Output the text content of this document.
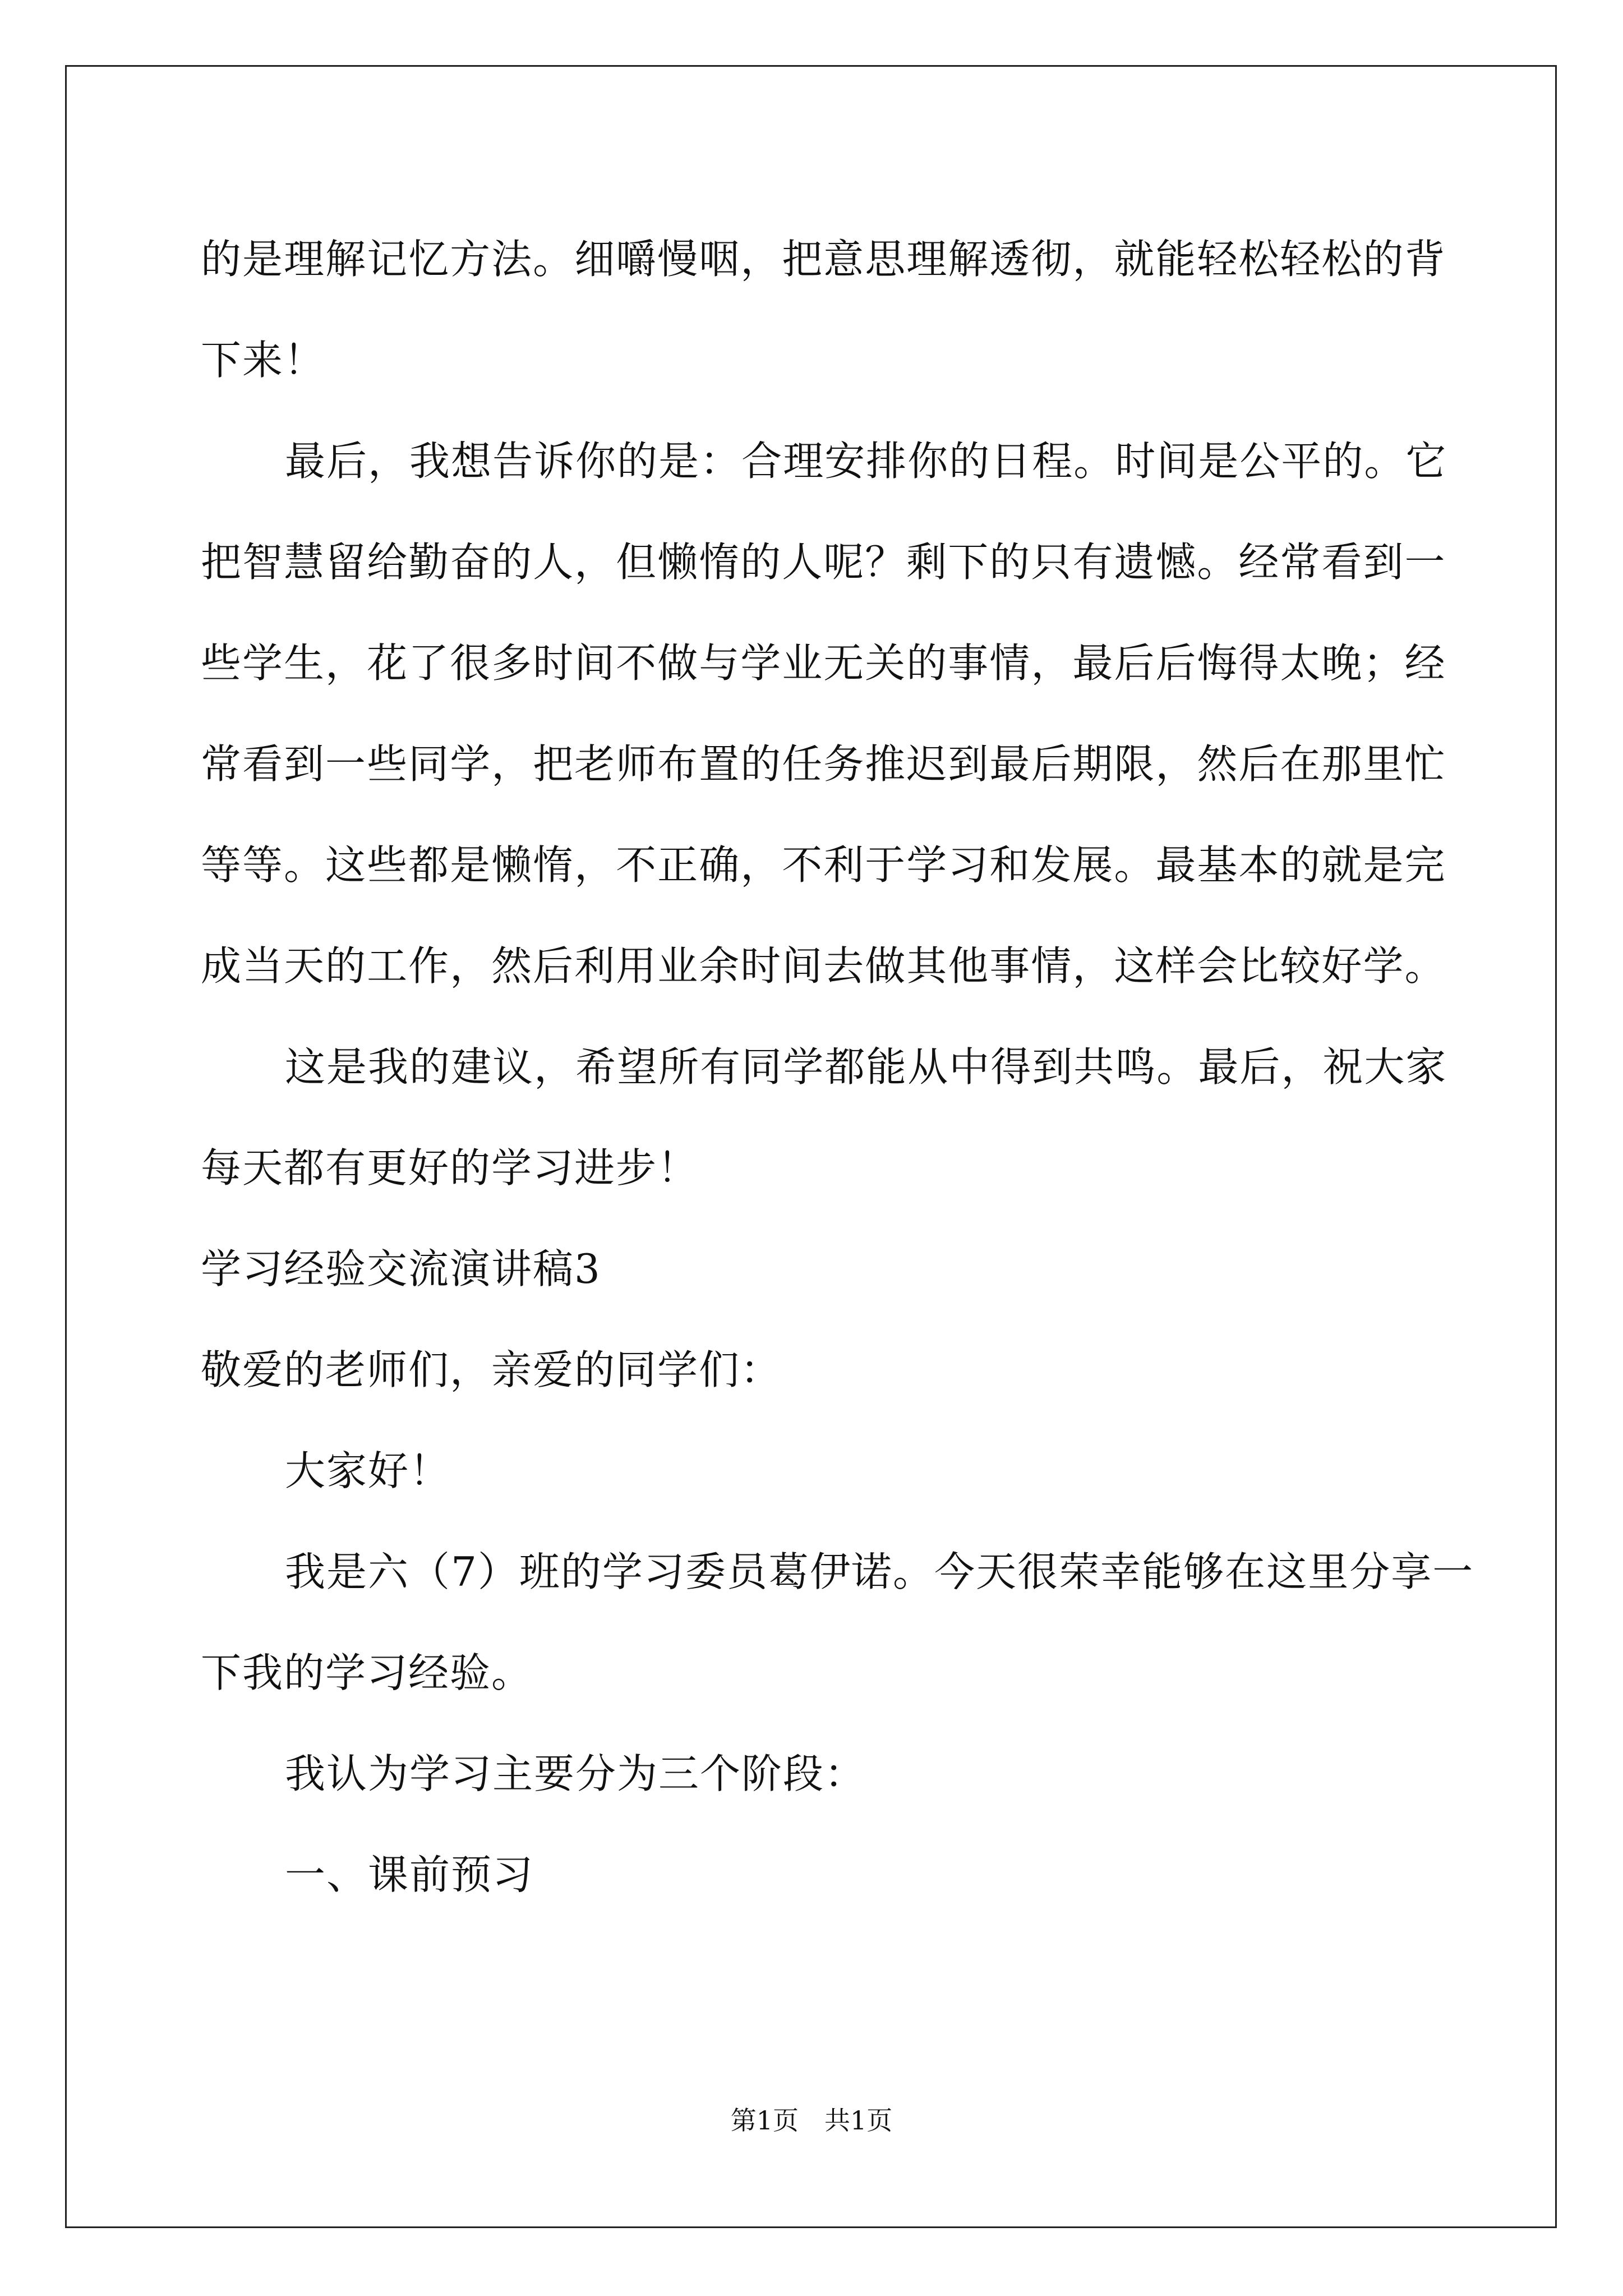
的 是 理 解 记 忆 方 法 。 细 嚼 慢 咽 ， 把 意 思 理 解 透 彻 ， 就 能 轻 松 轻 松 的 背
下来！
最 后 ， 我 想 告 诉 你 的 是 ： 合 理 安 排 你 的 日 程 。 时 间 是 公 平 的 。 它
把 智 慧 留 给 勤 奋 的 人 ， 但 懒 惰 的 人 呢 ？ 剩 下 的 只 有 遗 憾 。 经 常 看 到 一
些 学 生 ， 花 了 很 多 时 间 不 做 与 学 业 无 关 的 事 情 ， 最 后 后 悔 得 太 晚 ； 经
常 看 到 一 些 同 学 ， 把 老 师 布 置 的 任 务 推 迟 到 最 后 期 限 ， 然 后 在 那 里 忙
等 等 。 这 些 都 是 懒 惰 ， 不 正 确 ， 不 利 于 学 习 和 发 展 。 最 基 本 的 就 是 完
成 当 天 的 工 作 ， 然 后 利 用 业 余 时 间 去 做 其 他 事 情 ， 这 样 会 比 较 好 学 。
这 是 我 的 建 议 ， 希 望 所 有 同 学 都 能 从 中 得 到 共 鸣 。 最 后 ， 祝 大 家
每天都有更好的学习进步！
学习经验交流演讲稿3
敬爱的老师们，亲爱的同学们：
大家好！
我 是 六 （ 7 ） 班 的 学 习 委 员 葛 伊 诺 。 今 天 很 荣 幸 能 够 在 这 里 分 享 一
下我的学习经验。
我认为学习主要分为三个阶段：
一、课前预习
第1页　共1页
